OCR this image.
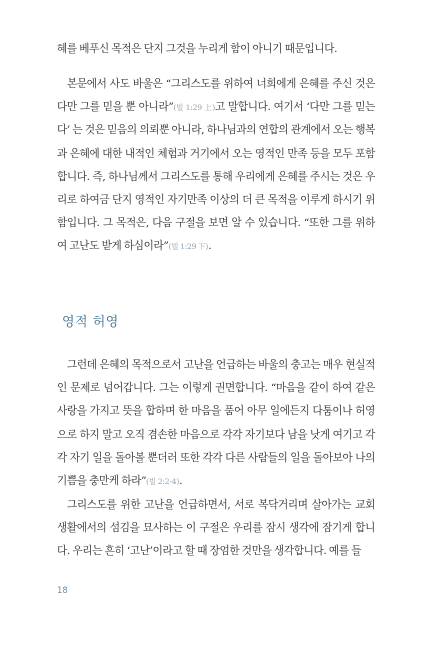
혜를 베푸신 목적은 단지 그것을 누리게 함이 아니기 때문입니다.

본문에서 사도 바울은 “그리스도를 위하여 너희에게 은혜를 주신 것은 다만 그를 믿을 뿐 아니라”(빌 1:29 上)고 말합니다. 여기서 ‘다만 그를 믿는다’ 는 것은 믿음의 의뢰뿐 아니라, 하나님과의 연합의 관계에서 오는 행복과 은혜에 대한 내적인 체험과 거기에서 오는 영적인 만족 등을 모두 포함합니다. 즉, 하나님께서 그리스도를 통해 우리에게 은혜를 주시는 것은 우리로 하여금 단지 영적인 자기만족 이상의 더 큰 목적을 이루게 하시기 위함입니다. 그 목적은, 다음 구절을 보면 알 수 있습니다. “또한 그를 위하여 고난도 받게 하심이라”(빌 1:29 下).

영적 허영

그런데 은혜의 목적으로서 고난을 언급하는 바울의 충고는 매우 현실적인 문제로 넘어갑니다. 그는 이렇게 권면합니다. “마음을 같이 하여 같은 사랑을 가지고 뜻을 합하며 한 마음을 품어 아무 일에든지 다툼이나 허영으로 하지 말고 오직 겸손한 마음으로 각각 자기보다 남을 낫게 여기고 각각 자기 일을 돌아볼 뿐더러 또한 각각 다른 사람들의 일을 돌아보아 나의 기쁨을 충만케 하라”(빌 2:2-4).

그리스도를 위한 고난을 언급하면서, 서로 복닥거리며 살아가는 교회 생활에서의 섬김을 묘사하는 이 구절은 우리를 잠시 생각에 잠기게 합니다. 우리는 흔히 ‘고난’이라고 할 때 장엄한 것만을 생각합니다. 예를 들

18
